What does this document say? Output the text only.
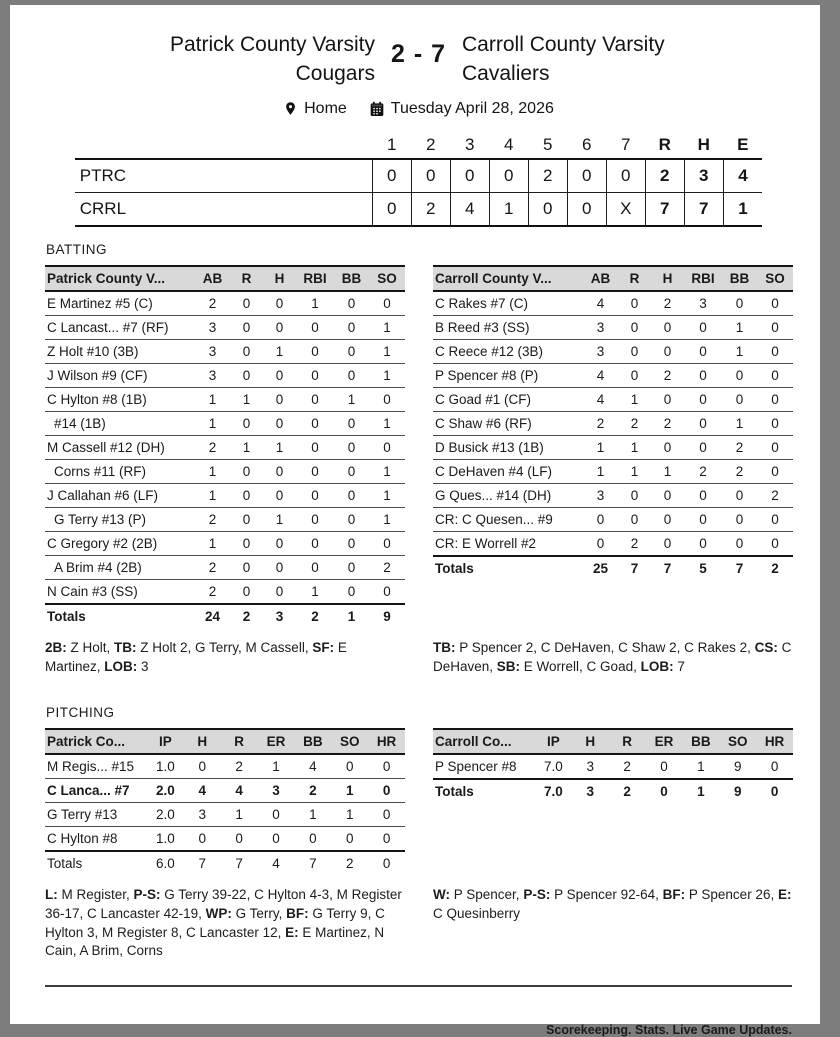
Patrick County Varsity
Cougars
2 - 7 Carroll County Varsity
Cavaliers
Home	Tuesday April 28, 2026
	1	2	3	4	5	6	7	R	H	E
PTRC	0	0	0	0	2	0	0	2	3	4
CRRL	0	2	4	1	0	0	X	7	7	1
BATTING
Patrick County V...	AB	R	H	RBI	BB	SO
E Martinez #5 (C)	2	0	0	1	0	0
C Lancast... #7 (RF)	3	0	0	0	0	1
Z Holt #10 (3B)	3	0	1	0	0	1
J Wilson #9 (CF)	3	0	0	0	0	1
C Hylton #8 (1B)	1	1	0	0	1	0
#14 (1B)	1	0	0	0	0	1
M Cassell #12 (DH)	2	1	1	0	0	0
Corns #11 (RF)	1	0	0	0	0	1
J Callahan #6 (LF)	1	0	0	0	0	1
G Terry #13 (P)	2	0	1	0	0	1
C Gregory #2 (2B)	1	0	0	0	0	0
A Brim #4 (2B)	2	0	0	0	0	2
N Cain #3 (SS)	2	0	0	1	0	0
Totals	24	2	3	2	1	9
Carroll County V...	AB	R	H	RBI	BB	SO
C Rakes #7 (C)	4	0	2	3	0	0
B Reed #3 (SS)	3	0	0	0	1	0
C Reece #12 (3B)	3	0	0	0	1	0
P Spencer #8 (P)	4	0	2	0	0	0
C Goad #1 (CF)	4	1	0	0	0	0
C Shaw #6 (RF)	2	2	2	0	1	0
D Busick #13 (1B)	1	1	0	0	2	0
C DeHaven #4 (LF)	1	1	1	2	2	0
G Ques... #14 (DH)	3	0	0	0	0	2
CR: C Quesen... #9	0	0	0	0	0	0
CR: E Worrell #2	0	2	0	0	0	0
Totals	25	7	7	5	7	2
2B: Z Holt, TB: Z Holt 2, G Terry, M Cassell, SF: E Martinez, LOB: 3
TB: P Spencer 2, C DeHaven, C Shaw 2, C Rakes 2, CS: C DeHaven, SB: E Worrell, C Goad, LOB: 7
PITCHING
Patrick Co...	IP	H	R	ER	BB	SO	HR
M Regis... #15	1.0	0	2	1	4	0	0
C Lanca... #7	2.0	4	4	3	2	1	0
G Terry #13	2.0	3	1	0	1	1	0
C Hylton #8	1.0	0	0	0	0	0	0
Totals	6.0	7	7	4	7	2	0
Carroll Co...	IP	H	R	ER	BB	SO	HR
P Spencer #8	7.0	3	2	0	1	9	0
Totals	7.0	3	2	0	1	9	0
L: M Register, P-S: G Terry 39-22, C Hylton 4-3, M Register 36-17, C Lancaster 42-19, WP: G Terry, BF: G Terry 9, C Hylton 3, M Register 8, C Lancaster 12, E: E Martinez, N Cain, A Brim, Corns
W: P Spencer, P-S: P Spencer 92-64, BF: P Spencer 26, E: C Quesinberry
Scorekeeping. Stats. Live Game Updates.
